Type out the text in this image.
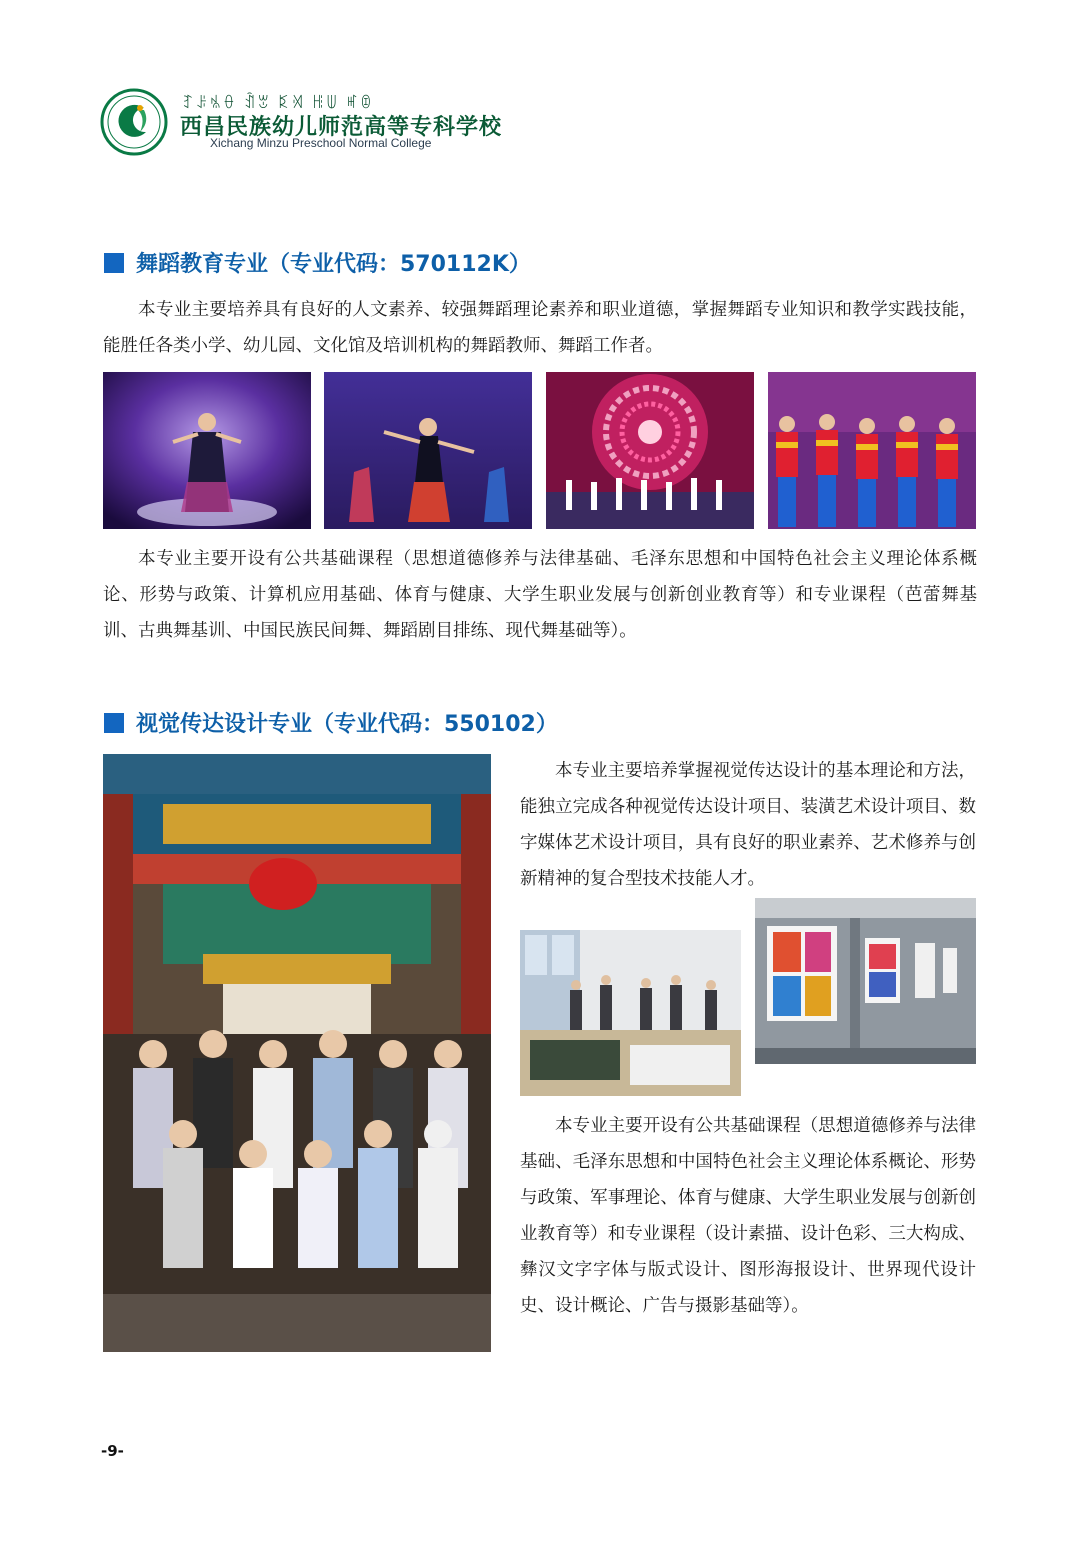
ꆈꌠꁱꂷ ꀉꂄ ꌅꄉ ꆿꅐ ꎭꀧ
西昌民族幼儿师范高等专科学校
Xichang Minzu Preschool Normal College
舞蹈教育专业（专业代码：570112K）

本专业主要培养具有良好的人文素养、较强舞蹈理论素养和职业道德，掌握舞蹈专业知识和教学实践技能，能胜任各类小学、幼儿园、文化馆及培训机构的舞蹈教师、舞蹈工作者。

本专业主要开设有公共基础课程（思想道德修养与法律基础、毛泽东思想和中国特色社会主义理论体系概论、形势与政策、计算机应用基础、体育与健康、大学生职业发展与创新创业教育等）和专业课程（芭蕾舞基训、古典舞基训、中国民族民间舞、舞蹈剧目排练、现代舞基础等）。

视觉传达设计专业（专业代码：550102）

本专业主要培养掌握视觉传达设计的基本理论和方法，能独立完成各种视觉传达设计项目、装潢艺术设计项目、数字媒体艺术设计项目，具有良好的职业素养、艺术修养与创新精神的复合型技术技能人才。

本专业主要开设有公共基础课程（思想道德修养与法律基础、毛泽东思想和中国特色社会主义理论体系概论、形势与政策、军事理论、体育与健康、大学生职业发展与创新创业教育等）和专业课程（设计素描、设计色彩、三大构成、彝汉文字字体与版式设计、图形海报设计、世界现代设计史、设计概论、广告与摄影基础等）。

-9-
